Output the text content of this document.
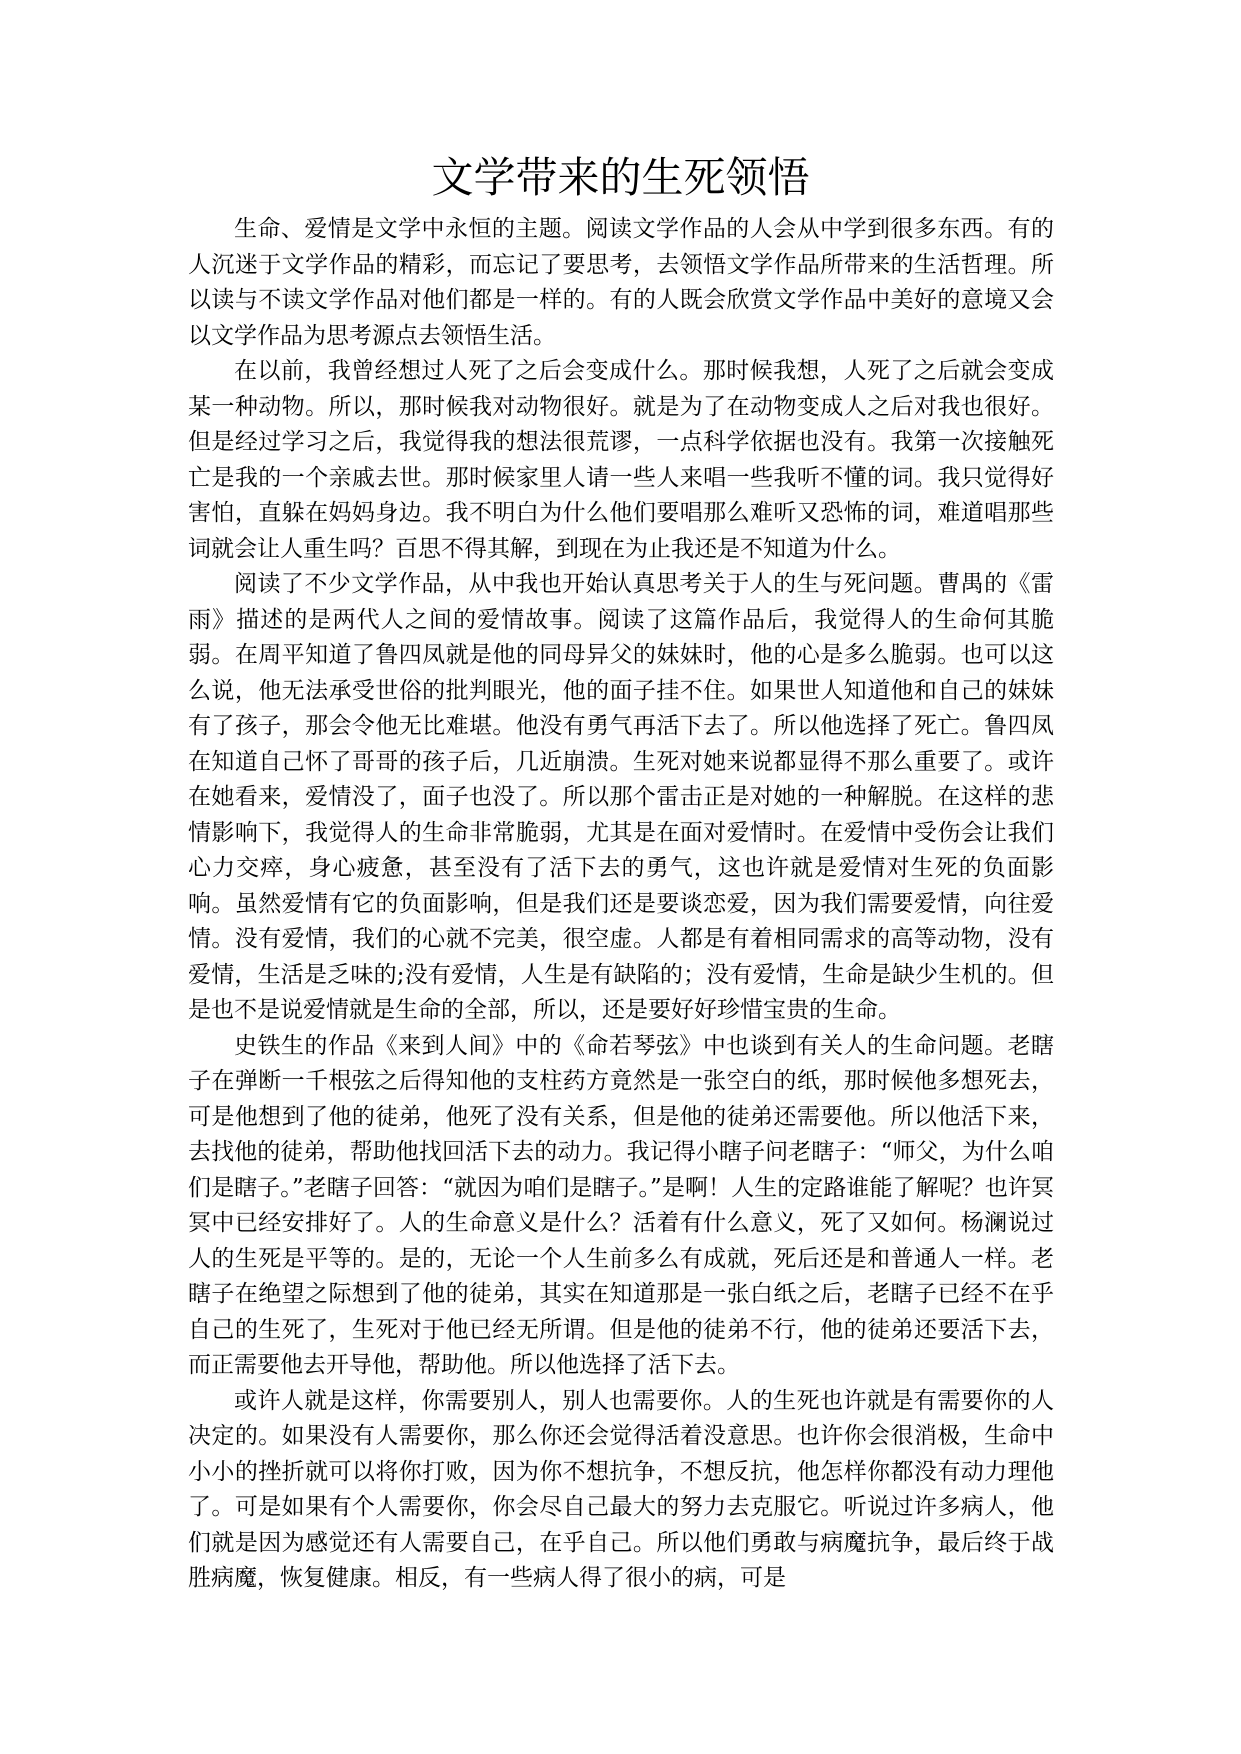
文学带来的生死领悟

生命、爱情是文学中永恒的主题。阅读文学作品的人会从中学到很多东西。有的人沉迷于文学作品的精彩，而忘记了要思考，去领悟文学作品所带来的生活哲理。所以读与不读文学作品对他们都是一样的。有的人既会欣赏文学作品中美好的意境又会以文学作品为思考源点去领悟生活。

在以前，我曾经想过人死了之后会变成什么。那时候我想，人死了之后就会变成某一种动物。所以，那时候我对动物很好。就是为了在动物变成人之后对我也很好。但是经过学习之后，我觉得我的想法很荒谬，一点科学依据也没有。我第一次接触死亡是我的一个亲戚去世。那时候家里人请一些人来唱一些我听不懂的词。我只觉得好害怕，直躲在妈妈身边。我不明白为什么他们要唱那么难听又恐怖的词，难道唱那些词就会让人重生吗？百思不得其解，到现在为止我还是不知道为什么。

阅读了不少文学作品，从中我也开始认真思考关于人的生与死问题。曹禺的《雷雨》描述的是两代人之间的爱情故事。阅读了这篇作品后，我觉得人的生命何其脆弱。在周平知道了鲁四凤就是他的同母异父的妹妹时，他的心是多么脆弱。也可以这么说，他无法承受世俗的批判眼光，他的面子挂不住。如果世人知道他和自己的妹妹有了孩子，那会令他无比难堪。他没有勇气再活下去了。所以他选择了死亡。鲁四凤在知道自己怀了哥哥的孩子后，几近崩溃。生死对她来说都显得不那么重要了。或许在她看来，爱情没了，面子也没了。所以那个雷击正是对她的一种解脱。在这样的悲情影响下，我觉得人的生命非常脆弱，尤其是在面对爱情时。在爱情中受伤会让我们心力交瘁，身心疲惫，甚至没有了活下去的勇气，这也许就是爱情对生死的负面影响。虽然爱情有它的负面影响，但是我们还是要谈恋爱，因为我们需要爱情，向往爱情。没有爱情，我们的心就不完美，很空虚。人都是有着相同需求的高等动物，没有爱情，生活是乏味的;没有爱情，人生是有缺陷的；没有爱情，生命是缺少生机的。但是也不是说爱情就是生命的全部，所以，还是要好好珍惜宝贵的生命。

史铁生的作品《来到人间》中的《命若琴弦》中也谈到有关人的生命问题。老瞎子在弹断一千根弦之后得知他的支柱药方竟然是一张空白的纸，那时候他多想死去，可是他想到了他的徒弟，他死了没有关系，但是他的徒弟还需要他。所以他活下来，去找他的徒弟，帮助他找回活下去的动力。我记得小瞎子问老瞎子：“师父，为什么咱们是瞎子。”老瞎子回答：“就因为咱们是瞎子。”是啊！人生的定路谁能了解呢？也许冥冥中已经安排好了。人的生命意义是什么？活着有什么意义，死了又如何。杨澜说过人的生死是平等的。是的，无论一个人生前多么有成就，死后还是和普通人一样。老瞎子在绝望之际想到了他的徒弟，其实在知道那是一张白纸之后，老瞎子已经不在乎自己的生死了，生死对于他已经无所谓。但是他的徒弟不行，他的徒弟还要活下去，而正需要他去开导他，帮助他。所以他选择了活下去。

或许人就是这样，你需要别人，别人也需要你。人的生死也许就是有需要你的人决定的。如果没有人需要你，那么你还会觉得活着没意思。也许你会很消极，生命中小小的挫折就可以将你打败，因为你不想抗争，不想反抗，他怎样你都没有动力理他了。可是如果有个人需要你，你会尽自己最大的努力去克服它。听说过许多病人，他们就是因为感觉还有人需要自己，在乎自己。所以他们勇敢与病魔抗争，最后终于战胜病魔，恢复健康。相反，有一些病人得了很小的病，可是
